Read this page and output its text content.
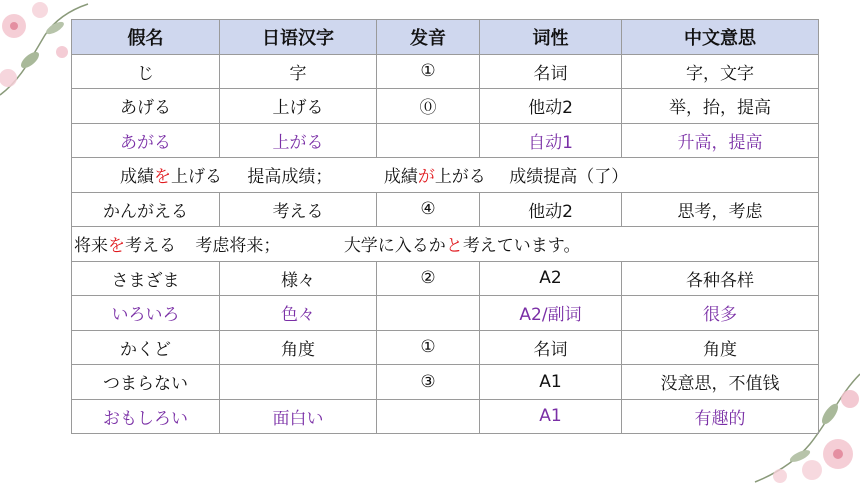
假名	日语汉字	发音	词性	中文意思
じ	字	①	名词	字，文字
あげる	上げる	⓪	他动2	举，抬，提高
あがる	上がる		自动1	升高，提高
成績を上げる 提高成绩； 成績が上がる 成绩提高（了）				
かんがえる	考える	④	他动2	思考，考虑
将来を考える 考虑将来； 大学に入るかと考えています。				
さまざま	様々	②	A2	各种各样
いろいろ	色々		A2/副词	很多
かくど	角度	①	名词	角度
つまらない		③	A1	没意思，不值钱
おもしろい	面白い		A1	有趣的
